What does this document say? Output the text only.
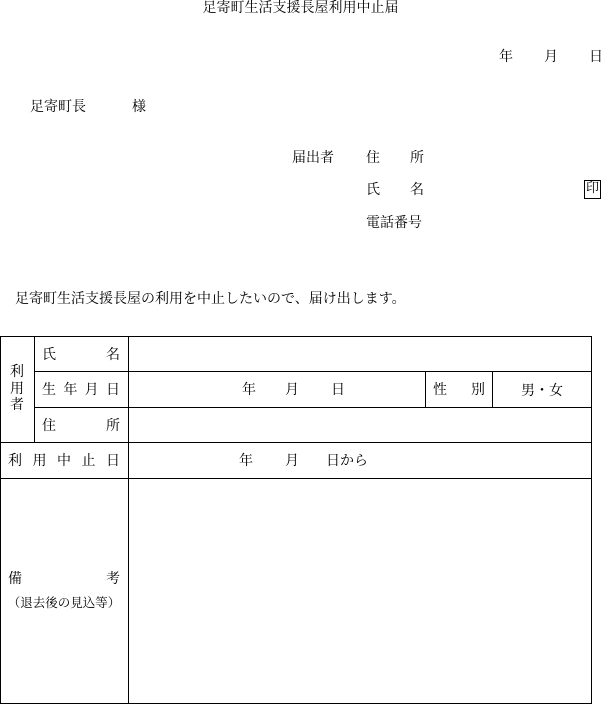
足寄町生活支援長屋利用中止届
年 月 日
足寄町長	様
届出者 住 所
氏 名	印
電話番号
足寄町生活支援長屋の利用を中止したいので、届け出します。
利
用
者
氏	名
生 年 月 日	年 月 日	性 別	男・女
住	所
利 用 中 止 日	年 月 日から
備	考
（退去後の見込等）
